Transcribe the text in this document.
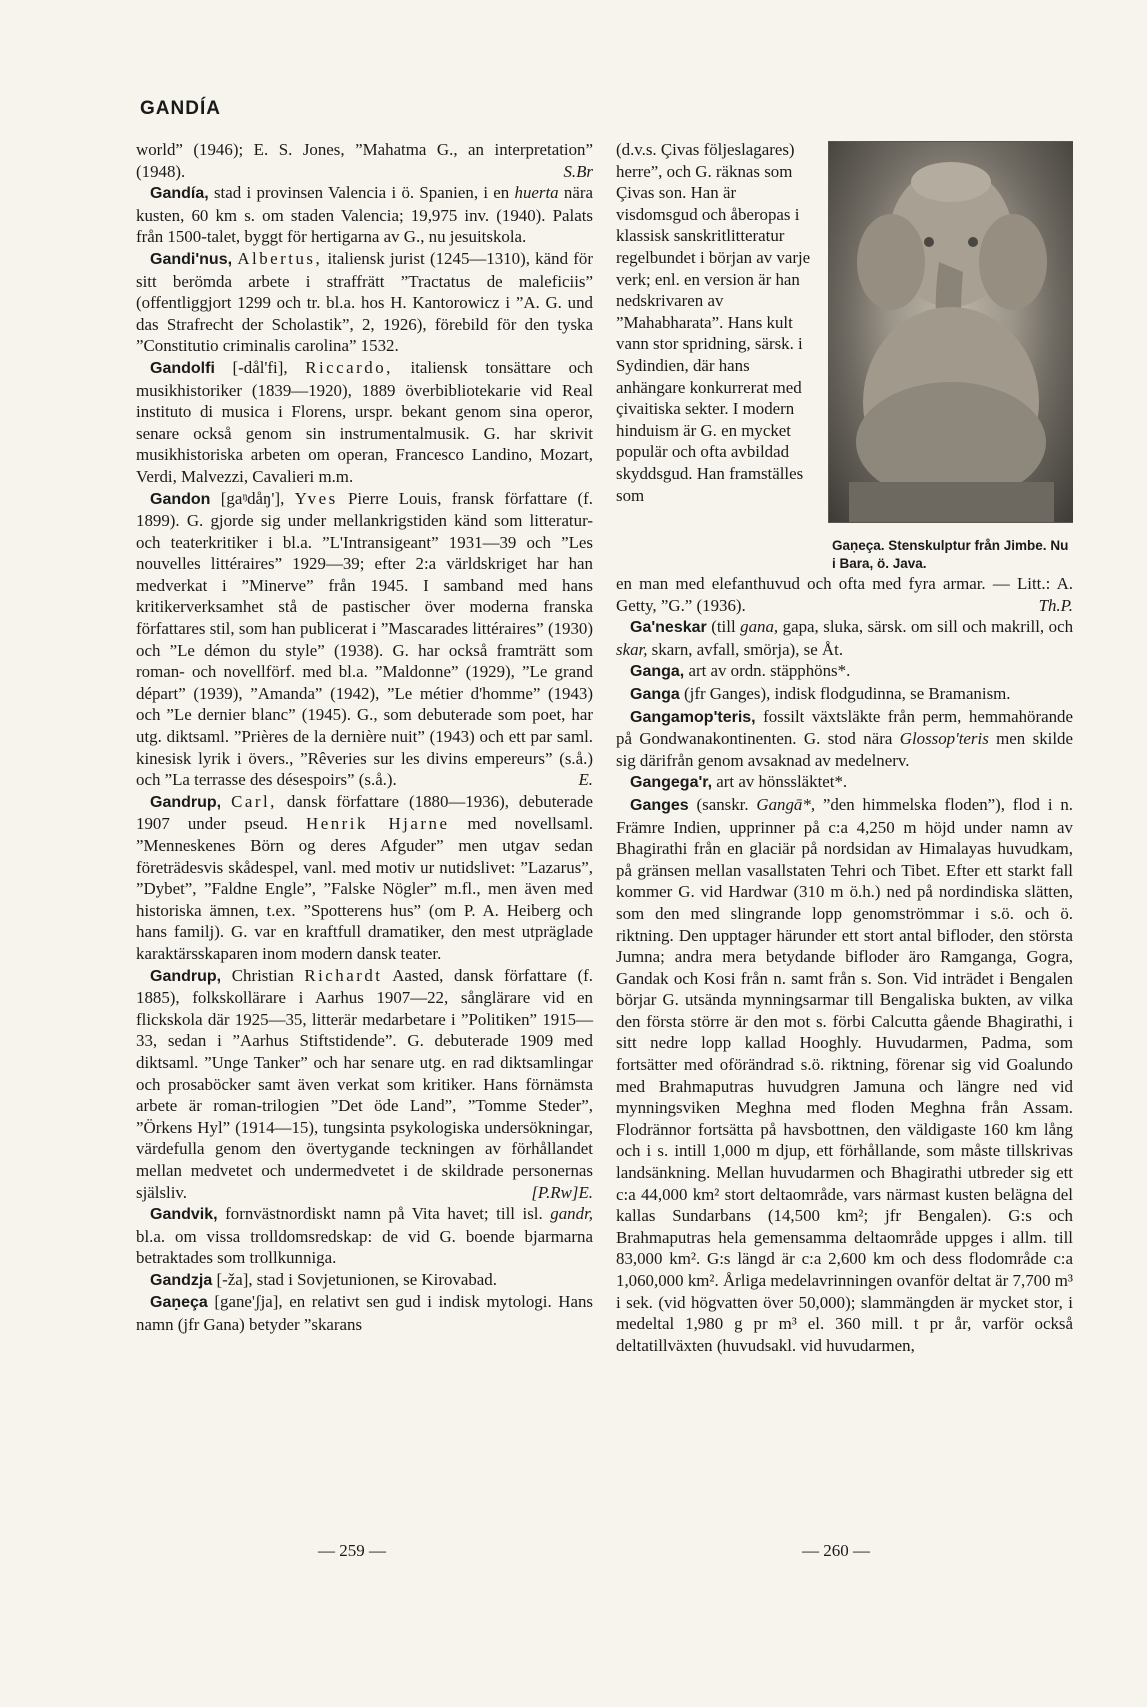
GANDÍA

world” (1946); E. S. Jones, ”Mahatma G., an interpretation” (1948).	S.Br

Gandía, stad i provinsen Valencia i ö. Spanien, i en huerta nära kusten, 60 km s. om staden Valencia; 19,975 inv. (1940). Palats från 1500-talet, byggt för hertigarna av G., nu jesuitskola.

Gandi'nus, Albertus, italiensk jurist (1245—1310), känd för sitt berömda arbete i straffrätt ”Tractatus de maleficiis” (offentliggjort 1299 och tr. bl.a. hos H. Kantorowicz i ”A. G. und das Strafrecht der Scholastik”, 2, 1926), förebild för den tyska ”Constitutio criminalis carolina” 1532.

Gandolfi [-dål'fi], Riccardo, italiensk tonsättare och musikhistoriker (1839—1920), 1889 överbibliotekarie vid Real instituto di musica i Florens, urspr. bekant genom sina operor, senare också genom sin instrumentalmusik. G. har skrivit musikhistoriska arbeten om operan, Francesco Landino, Mozart, Verdi, Malvezzi, Cavalieri m.m.

Gandon [gaᵑdåŋ'], Yves Pierre Louis, fransk författare (f. 1899). G. gjorde sig under mellankrigstiden känd som litteratur- och teaterkritiker i bl.a. ”L'Intransigeant” 1931—39 och ”Les nouvelles littéraires” 1929—39; efter 2:a världskriget har han medverkat i ”Minerve” från 1945. I samband med hans kritikerverksamhet stå de pastischer över moderna franska författares stil, som han publicerat i ”Mascarades littéraires” (1930) och ”Le démon du style” (1938). G. har också framträtt som roman- och novellförf. med bl.a. ”Maldonne” (1929), ”Le grand départ” (1939), ”Amanda” (1942), ”Le métier d'homme” (1943) och ”Le dernier blanc” (1945). G., som debuterade som poet, har utg. diktsaml. ”Prières de la dernière nuit” (1943) och ett par saml. kinesisk lyrik i övers., ”Rêveries sur les divins empereurs” (s.å.) och ”La terrasse des désespoirs” (s.å.).	E.

Gandrup, Carl, dansk författare (1880—1936), debuterade 1907 under pseud. Henrik Hjarne med novellsaml. ”Menneskenes Börn og deres Afguder” men utgav sedan företrädesvis skådespel, vanl. med motiv ur nutidslivet: ”Lazarus”, ”Dybet”, ”Faldne Engle”, ”Falske Nögler” m.fl., men även med historiska ämnen, t.ex. ”Spotterens hus” (om P. A. Heiberg och hans familj). G. var en kraftfull dramatiker, den mest utpräglade karaktärsskaparen inom modern dansk teater.

Gandrup, Christian Richardt Aasted, dansk författare (f. 1885), folkskollärare i Aarhus 1907—22, sånglärare vid en flickskola där 1925—35, litterär medarbetare i ”Politiken” 1915—33, sedan i ”Aarhus Stiftstidende”. G. debuterade 1909 med diktsaml. ”Unge Tanker” och har senare utg. en rad diktsamlingar och prosaböcker samt även verkat som kritiker. Hans förnämsta arbete är roman-trilogien ”Det öde Land”, ”Tomme Steder”, ”Örkens Hyl” (1914—15), tungsinta psykologiska undersökningar, värdefulla genom den övertygande teckningen av förhållandet mellan medvetet och undermedvetet i de skildrade personernas själsliv.	[P.Rw]E.

Gandvik, fornvästnordiskt namn på Vita havet; till isl. gandr, bl.a. om vissa trolldomsredskap: de vid G. boende bjarmarna betraktades som trollkunniga.

Gandzja [-ža], stad i Sovjetunionen, se Kirovabad.

Gaṇeça [gane'ʃja], en relativt sen gud i indisk mytologi. Hans namn (jfr Gana) betyder ”skarans

(d.v.s. Çivas följeslagares) herre”, och G. räknas som Çivas son. Han är visdomsgud och åberopas i klassisk sanskritlitteratur regelbundet i början av varje verk; enl. en version är han nedskrivaren av ”Mahabharata”. Hans kult vann stor spridning, särsk. i Sydindien, där hans anhängare konkurrerat med çivaitiska sekter. I modern hinduism är G. en mycket populär och ofta avbildad skyddsgud. Han framställes som
Gaṇeça. Stenskulptur från Jimbe. Nu i Bara, ö. Java.

en man med elefanthuvud och ofta med fyra armar. — Litt.: A. Getty, ”G.” (1936).	Th.P.

Ga'neskar (till gana, gapa, sluka, särsk. om sill och makrill, och skar, skarn, avfall, smörja), se Åt.

Ganga, art av ordn. stäpphöns*.

Ganga (jfr Ganges), indisk flodgudinna, se Bramanism.

Gangamop'teris, fossilt växtsläkte från perm, hemmahörande på Gondwanakontinenten. G. stod nära Glossop'teris men skilde sig därifrån genom avsaknad av medelnerv.

Gangega'r, art av hönssläktet*.

Ganges (sanskr. Gangā*, ”den himmelska floden”), flod i n. Främre Indien, upprinner på c:a 4,250 m höjd under namn av Bhagirathi från en glaciär på nordsidan av Himalayas huvudkam, på gränsen mellan vasallstaten Tehri och Tibet. Efter ett starkt fall kommer G. vid Hardwar (310 m ö.h.) ned på nordindiska slätten, som den med slingrande lopp genomströmmar i s.ö. och ö. riktning. Den upptager härunder ett stort antal bifloder, den största Jumna; andra mera betydande bifloder äro Ramganga, Gogra, Gandak och Kosi från n. samt från s. Son. Vid inträdet i Bengalen börjar G. utsända mynningsarmar till Bengaliska bukten, av vilka den första större är den mot s. förbi Calcutta gående Bhagirathi, i sitt nedre lopp kallad Hooghly. Huvudarmen, Padma, som fortsätter med oförändrad s.ö. riktning, förenar sig vid Goalundo med Brahmaputras huvudgren Jamuna och längre ned vid mynningsviken Meghna med floden Meghna från Assam. Flodrännor fortsätta på havsbottnen, den väldigaste 160 km lång och i s. intill 1,000 m djup, ett förhållande, som måste tillskrivas landsänkning. Mellan huvudarmen och Bhagirathi utbreder sig ett c:a 44,000 km² stort deltaområde, vars närmast kusten belägna del kallas Sundarbans (14,500 km²; jfr Bengalen). G:s och Brahmaputras hela gemensamma deltaområde uppges i allm. till 83,000 km². G:s längd är c:a 2,600 km och dess flodområde c:a 1,060,000 km². Årliga medelavrinningen ovanför deltat är 7,700 m³ i sek. (vid högvatten över 50,000); slammängden är mycket stor, i medeltal 1,980 g pr m³ el. 360 mill. t pr år, varför också deltatillväxten (huvudsakl. vid huvudarmen,

— 259 —	— 260 —
